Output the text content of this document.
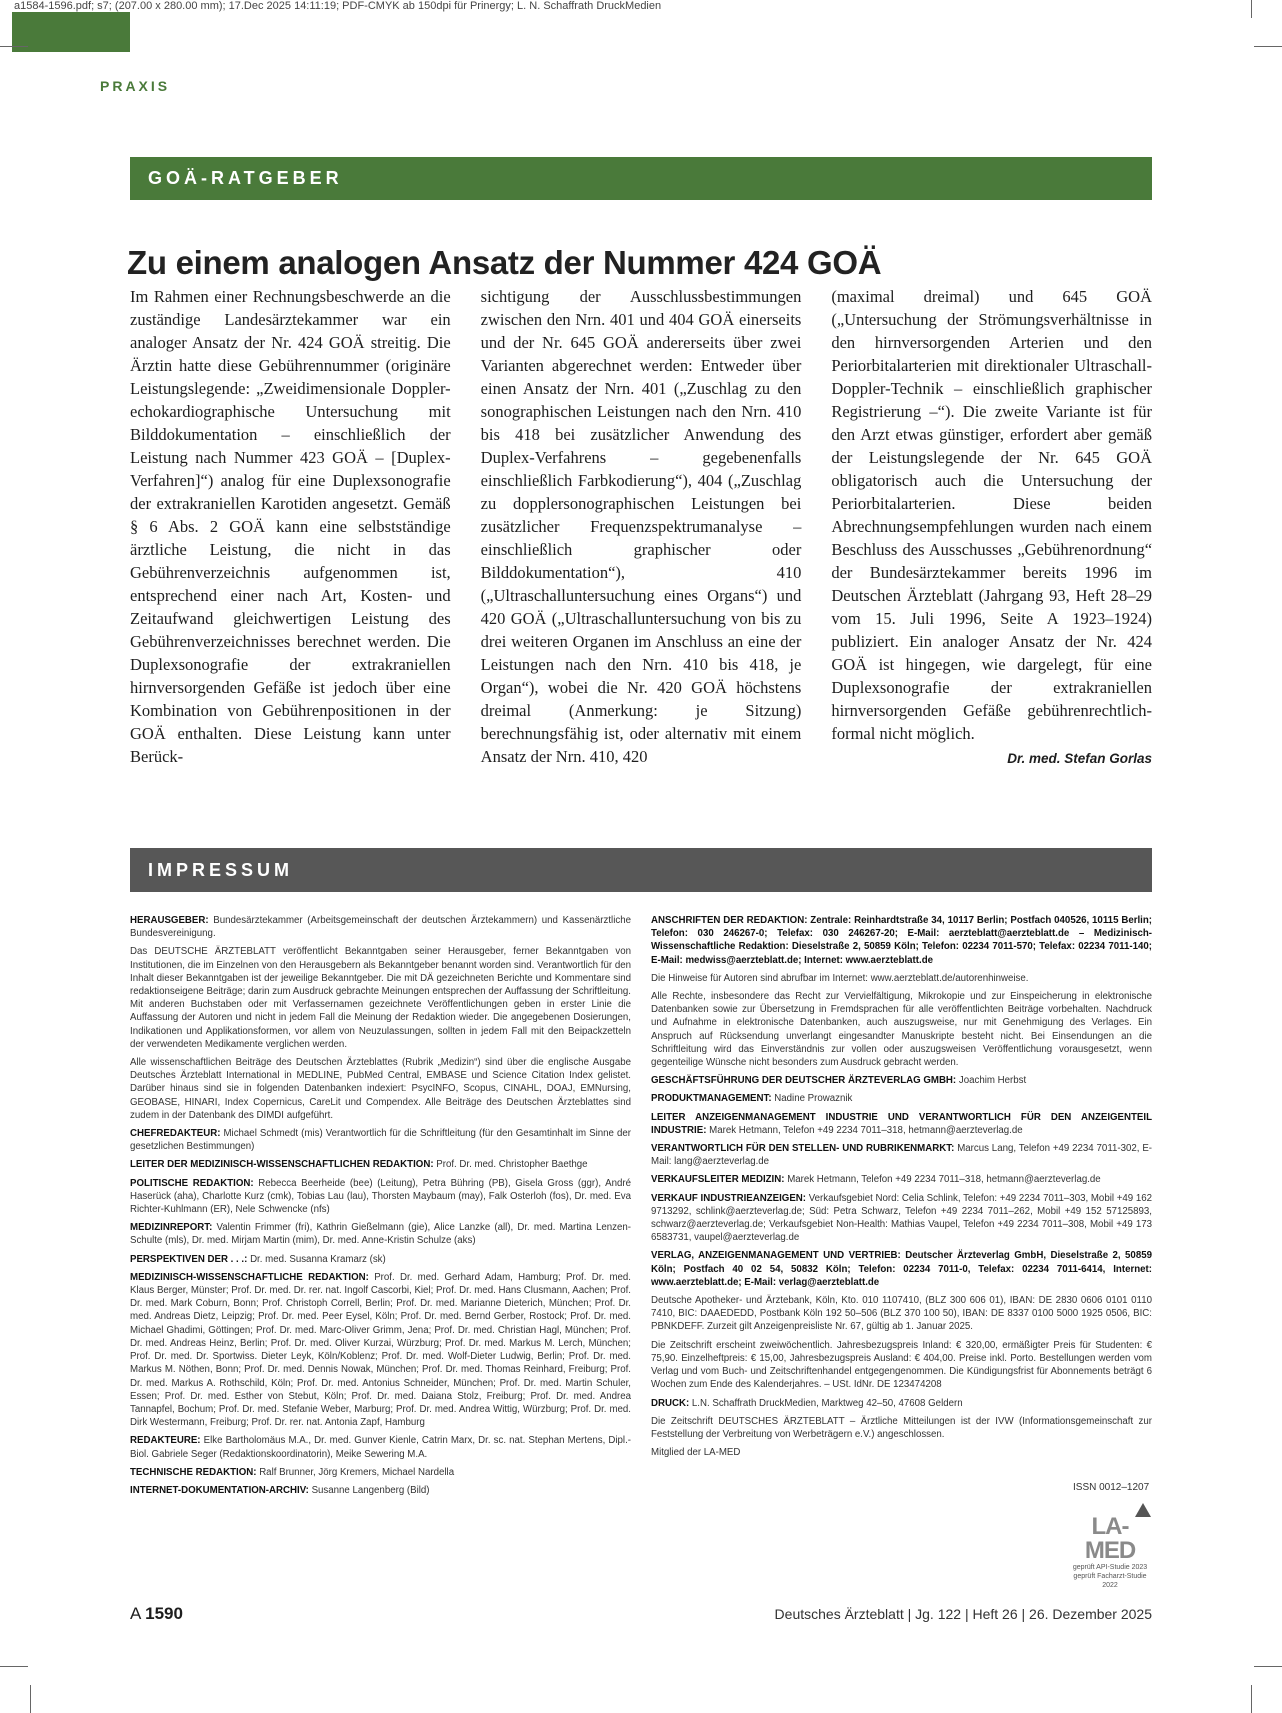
a1584-1596.pdf; s7; (207.00 x 280.00 mm); 17.Dec 2025 14:11:19; PDF-CMYK ab 150dpi für Prinergy; L. N. Schaffrath DruckMedien
PRAXIS
GOÄ-RATGEBER
Zu einem analogen Ansatz der Nummer 424 GOÄ

Im Rahmen einer Rechnungsbeschwerde an die zuständige Landesärztekammer war ein analoger Ansatz der Nr. 424 GOÄ streitig. Die Ärztin hatte diese Gebührennummer (originäre Leistungslegende: „Zweidimensionale Doppler-echokardiographische Untersuchung mit Bilddokumentation – einschließlich der Leistung nach Nummer 423 GOÄ – [Duplex-Verfahren]“) analog für eine Duplexsonografie der extrakraniellen Karotiden angesetzt. Gemäß § 6 Abs. 2 GOÄ kann eine selbstständige ärztliche Leistung, die nicht in das Gebührenverzeichnis aufgenommen ist, entsprechend einer nach Art, Kosten- und Zeitaufwand gleichwertigen Leistung des Gebührenverzeichnisses berechnet werden. Die Duplexsonografie der extrakraniellen hirnversorgenden Gefäße ist jedoch über eine Kombination von Gebührenpositionen in der GOÄ enthalten. Diese Leistung kann unter Berück-

sichtigung der Ausschlussbestimmungen zwischen den Nrn. 401 und 404 GOÄ einerseits und der Nr. 645 GOÄ andererseits über zwei Varianten abgerechnet werden: Entweder über einen Ansatz der Nrn. 401 („Zuschlag zu den sonographischen Leistungen nach den Nrn. 410 bis 418 bei zusätzlicher Anwendung des Duplex-Verfahrens – gegebenenfalls einschließlich Farbkodierung“), 404 („Zuschlag zu dopplersonographischen Leistungen bei zusätzlicher Frequenzspektrumanalyse – einschließlich graphischer oder Bilddokumentation“), 410 („Ultraschalluntersuchung eines Organs“) und 420 GOÄ („Ultraschalluntersuchung von bis zu drei weiteren Organen im Anschluss an eine der Leistungen nach den Nrn. 410 bis 418, je Organ“), wobei die Nr. 420 GOÄ höchstens dreimal (Anmerkung: je Sitzung) berechnungsfähig ist, oder alternativ mit einem Ansatz der Nrn. 410, 420

(maximal dreimal) und 645 GOÄ („Untersuchung der Strömungsverhältnisse in den hirnversorgenden Arterien und den Periorbitalarterien mit direktionaler Ultraschall-Doppler-Technik – einschließlich graphischer Registrierung –“). Die zweite Variante ist für den Arzt etwas günstiger, erfordert aber gemäß der Leistungslegende der Nr. 645 GOÄ obligatorisch auch die Untersuchung der Periorbitalarterien. Diese beiden Abrechnungsempfehlungen wurden nach einem Beschluss des Ausschusses „Gebührenordnung“ der Bundesärztekammer bereits 1996 im Deutschen Ärzteblatt (Jahrgang 93, Heft 28–29 vom 15. Juli 1996, Seite A 1923–1924) publiziert. Ein analoger Ansatz der Nr. 424 GOÄ ist hingegen, wie dargelegt, für eine Duplexsonografie der extrakraniellen hirnversorgenden Gefäße gebührenrechtlich-formal nicht möglich.

Dr. med. Stefan Gorlas
IMPRESSUM

HERAUSGEBER: Bundesärztekammer (Arbeitsgemeinschaft der deutschen Ärztekammern) und Kassenärztliche Bundesvereinigung.

Das DEUTSCHE ÄRZTEBLATT veröffentlicht Bekanntgaben seiner Herausgeber, ferner Bekanntgaben von Institutionen, die im Einzelnen von den Herausgebern als Bekanntgeber benannt worden sind. Verantwortlich für den Inhalt dieser Bekanntgaben ist der jeweilige Bekanntgeber. Die mit DÄ gezeichneten Berichte und Kommentare sind redaktionseigene Beiträge; darin zum Ausdruck gebrachte Meinungen entsprechen der Auffassung der Schriftleitung. Mit anderen Buchstaben oder mit Verfassernamen gezeichnete Veröffentlichungen geben in erster Linie die Auffassung der Autoren und nicht in jedem Fall die Meinung der Redaktion wieder. Die angegebenen Dosierungen, Indikationen und Applikationsformen, vor allem von Neuzulassungen, sollten in jedem Fall mit den Beipackzetteln der verwendeten Medikamente verglichen werden.

Alle wissenschaftlichen Beiträge des Deutschen Ärzteblattes (Rubrik „Medizin“) sind über die englische Ausgabe Deutsches Ärzteblatt International in MEDLINE, PubMed Central, EMBASE und Science Citation Index gelistet. Darüber hinaus sind sie in folgenden Datenbanken indexiert: PsycINFO, Scopus, CINAHL, DOAJ, EMNursing, GEOBASE, HINARI, Index Copernicus, CareLit und Compendex. Alle Beiträge des Deutschen Ärzteblattes sind zudem in der Datenbank des DIMDI aufgeführt.

CHEFREDAKTEUR: Michael Schmedt (mis) Verantwortlich für die Schriftleitung (für den Gesamtinhalt im Sinne der gesetzlichen Bestimmungen)

LEITER DER MEDIZINISCH-WISSENSCHAFTLICHEN REDAKTION: Prof. Dr. med. Christopher Baethge

POLITISCHE REDAKTION: Rebecca Beerheide (bee) (Leitung), Petra Bühring (PB), Gisela Gross (ggr), André Haserück (aha), Charlotte Kurz (cmk), Tobias Lau (lau), Thorsten Maybaum (may), Falk Osterloh (fos), Dr. med. Eva Richter-Kuhlmann (ER), Nele Schwencke (nfs)

MEDIZINREPORT: Valentin Frimmer (fri), Kathrin Gießelmann (gie), Alice Lanzke (all), Dr. med. Martina Lenzen-Schulte (mls), Dr. med. Mirjam Martin (mim), Dr. med. Anne-Kristin Schulze (aks)

PERSPEKTIVEN DER . . .: Dr. med. Susanna Kramarz (sk)

MEDIZINISCH-WISSENSCHAFTLICHE REDAKTION: Prof. Dr. med. Gerhard Adam, Hamburg; Prof. Dr. med. Klaus Berger, Münster; Prof. Dr. med. Dr. rer. nat. Ingolf Cascorbi, Kiel; Prof. Dr. med. Hans Clusmann, Aachen; Prof. Dr. med. Mark Coburn, Bonn; Prof. Christoph Correll, Berlin; Prof. Dr. med. Marianne Dieterich, München; Prof. Dr. med. Andreas Dietz, Leipzig; Prof. Dr. med. Peer Eysel, Köln; Prof. Dr. med. Bernd Gerber, Rostock; Prof. Dr. med. Michael Ghadimi, Göttingen; Prof. Dr. med. Marc-Oliver Grimm, Jena; Prof. Dr. med. Christian Hagl, München; Prof. Dr. med. Andreas Heinz, Berlin; Prof. Dr. med. Oliver Kurzai, Würzburg; Prof. Dr. med. Markus M. Lerch, München; Prof. Dr. med. Dr. Sportwiss. Dieter Leyk, Köln/Koblenz; Prof. Dr. med. Wolf-Dieter Ludwig, Berlin; Prof. Dr. med. Markus M. Nöthen, Bonn; Prof. Dr. med. Dennis Nowak, München; Prof. Dr. med. Thomas Reinhard, Freiburg; Prof. Dr. med. Markus A. Rothschild, Köln; Prof. Dr. med. Antonius Schneider, München; Prof. Dr. med. Martin Schuler, Essen; Prof. Dr. med. Esther von Stebut, Köln; Prof. Dr. med. Daiana Stolz, Freiburg; Prof. Dr. med. Andrea Tannapfel, Bochum; Prof. Dr. med. Stefanie Weber, Marburg; Prof. Dr. med. Andrea Wittig, Würzburg; Prof. Dr. med. Dirk Westermann, Freiburg; Prof. Dr. rer. nat. Antonia Zapf, Hamburg

REDAKTEURE: Elke Bartholomäus M.A., Dr. med. Gunver Kienle, Catrin Marx, Dr. sc. nat. Stephan Mertens, Dipl.-Biol. Gabriele Seger (Redaktionskoordinatorin), Meike Sewering M.A.

TECHNISCHE REDAKTION: Ralf Brunner, Jörg Kremers, Michael Nardella

INTERNET-DOKUMENTATION-ARCHIV: Susanne Langenberg (Bild)

ANSCHRIFTEN DER REDAKTION: Zentrale: Reinhardtstraße 34, 10117 Berlin; Postfach 040526, 10115 Berlin; Telefon: 030 246267-0; Telefax: 030 246267-20; E-Mail: aerzteblatt@aerzteblatt.de – Medizinisch-Wissenschaftliche Redaktion: Dieselstraße 2, 50859 Köln; Telefon: 02234 7011-570; Telefax: 02234 7011-140; E-Mail: medwiss@aerzteblatt.de; Internet: www.aerzteblatt.de

Die Hinweise für Autoren sind abrufbar im Internet: www.aerzteblatt.de/autorenhinweise.

Alle Rechte, insbesondere das Recht zur Vervielfältigung, Mikrokopie und zur Einspeicherung in elektronische Datenbanken sowie zur Übersetzung in Fremdsprachen für alle veröffentlichten Beiträge vorbehalten. Nachdruck und Aufnahme in elektronische Datenbanken, auch auszugsweise, nur mit Genehmigung des Verlages. Ein Anspruch auf Rücksendung unverlangt eingesandter Manuskripte besteht nicht. Bei Einsendungen an die Schriftleitung wird das Einverständnis zur vollen oder auszugsweisen Veröffentlichung vorausgesetzt, wenn gegenteilige Wünsche nicht besonders zum Ausdruck gebracht werden.

GESCHÄFTSFÜHRUNG DER DEUTSCHER ÄRZTEVERLAG GMBH: Joachim Herbst

PRODUKTMANAGEMENT: Nadine Prowaznik

LEITER ANZEIGENMANAGEMENT INDUSTRIE UND VERANTWORTLICH FÜR DEN ANZEIGENTEIL INDUSTRIE: Marek Hetmann, Telefon +49 2234 7011–318, hetmann@aerzteverlag.de

VERANTWORTLICH FÜR DEN STELLEN- UND RUBRIKENMARKT: Marcus Lang, Telefon +49 2234 7011-302, E-Mail: lang@aerzteverlag.de

VERKAUFSLEITER MEDIZIN: Marek Hetmann, Telefon +49 2234 7011–318, hetmann@aerzteverlag.de

VERKAUF INDUSTRIEANZEIGEN: Verkaufsgebiet Nord: Celia Schlink, Telefon: +49 2234 7011–303, Mobil +49 162 9713292, schlink@aerzteverlag.de; Süd: Petra Schwarz, Telefon +49 2234 7011–262, Mobil +49 152 57125893, schwarz@aerzteverlag.de; Verkaufsgebiet Non-Health: Mathias Vaupel, Telefon +49 2234 7011–308, Mobil +49 173 6583731, vaupel@aerzteverlag.de

VERLAG, ANZEIGENMANAGEMENT UND VERTRIEB: Deutscher Ärzteverlag GmbH, Dieselstraße 2, 50859 Köln; Postfach 40 02 54, 50832 Köln; Telefon: 02234 7011-0, Telefax: 02234 7011-6414, Internet: www.aerzteblatt.de; E-Mail: verlag@aerzteblatt.de

Deutsche Apotheker- und Ärztebank, Köln, Kto. 010 1107410, (BLZ 300 606 01), IBAN: DE 2830 0606 0101 0110 7410, BIC: DAAEDEDD, Postbank Köln 192 50–506 (BLZ 370 100 50), IBAN: DE 8337 0100 5000 1925 0506, BIC: PBNKDEFF. Zurzeit gilt Anzeigenpreisliste Nr. 67, gültig ab 1. Januar 2025.

Die Zeitschrift erscheint zweiwöchentlich. Jahresbezugspreis Inland: € 320,00, ermäßigter Preis für Studenten: € 75,90. Einzelheftpreis: € 15,00, Jahresbezugspreis Ausland: € 404,00. Preise inkl. Porto. Bestellungen werden vom Verlag und vom Buch- und Zeitschriftenhandel entgegengenommen. Die Kündigungsfrist für Abonnements beträgt 6 Wochen zum Ende des Kalenderjahres. – USt. IdNr. DE 123474208

DRUCK: L.N. Schaffrath DruckMedien, Marktweg 42–50, 47608 Geldern

Die Zeitschrift DEUTSCHES ÄRZTEBLATT – Ärztliche Mitteilungen ist der IVW (Informationsgemeinschaft zur Feststellung der Verbreitung von Werbeträgern e.V.) angeschlossen.

Mitglied der LA-MED

ISSN 0012–1207
LA-MED
geprüft API-Studie 2023
geprüft Facharzt-Studie 2022
A 1590	Deutsches Ärzteblatt | Jg. 122 | Heft 26 | 26. Dezember 2025
